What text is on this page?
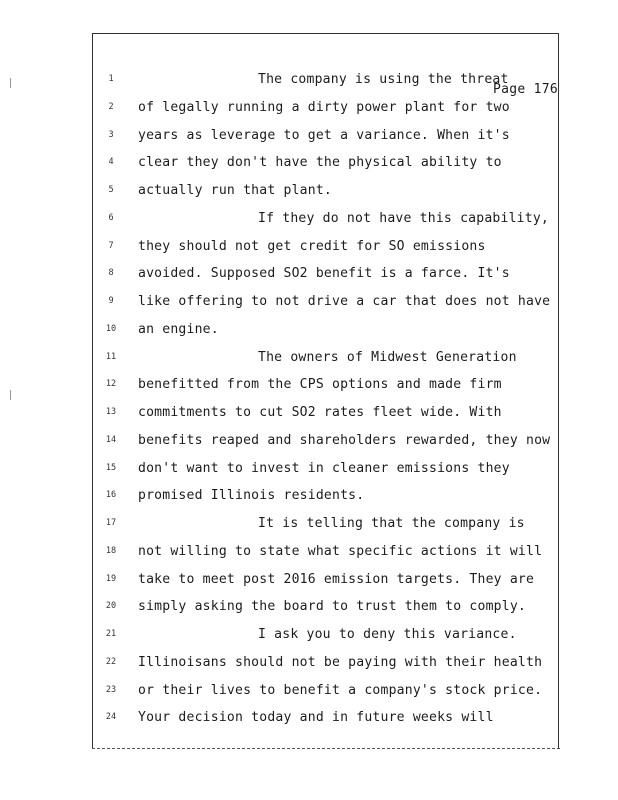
Page 176
1	The company is using the threat
2	of legally running a dirty power plant for two
3	years as leverage to get a variance. When it's
4	clear they don't have the physical ability to
5	actually run that plant.
6	If they do not have this capability,
7	they should not get credit for SO emissions
8	avoided. Supposed SO2 benefit is a farce. It's
9	like offering to not drive a car that does not have
10 an engine.
11	The owners of Midwest Generation
12 benefitted from the CPS options and made firm
13 commitments to cut SO2 rates fleet wide. With
14 benefits reaped and shareholders rewarded, they now
15 don't want to invest in cleaner emissions they
16 promised Illinois residents.
17	It is telling that the company is
18 not willing to state what specific actions it will
19 take to meet post 2016 emission targets. They are
20 simply asking the board to trust them to comply.
21	I ask you to deny this variance.
22 Illinoisans should not be paying with their health
23 or their lives to benefit a company's stock price.
24 Your decision today and in future weeks will
